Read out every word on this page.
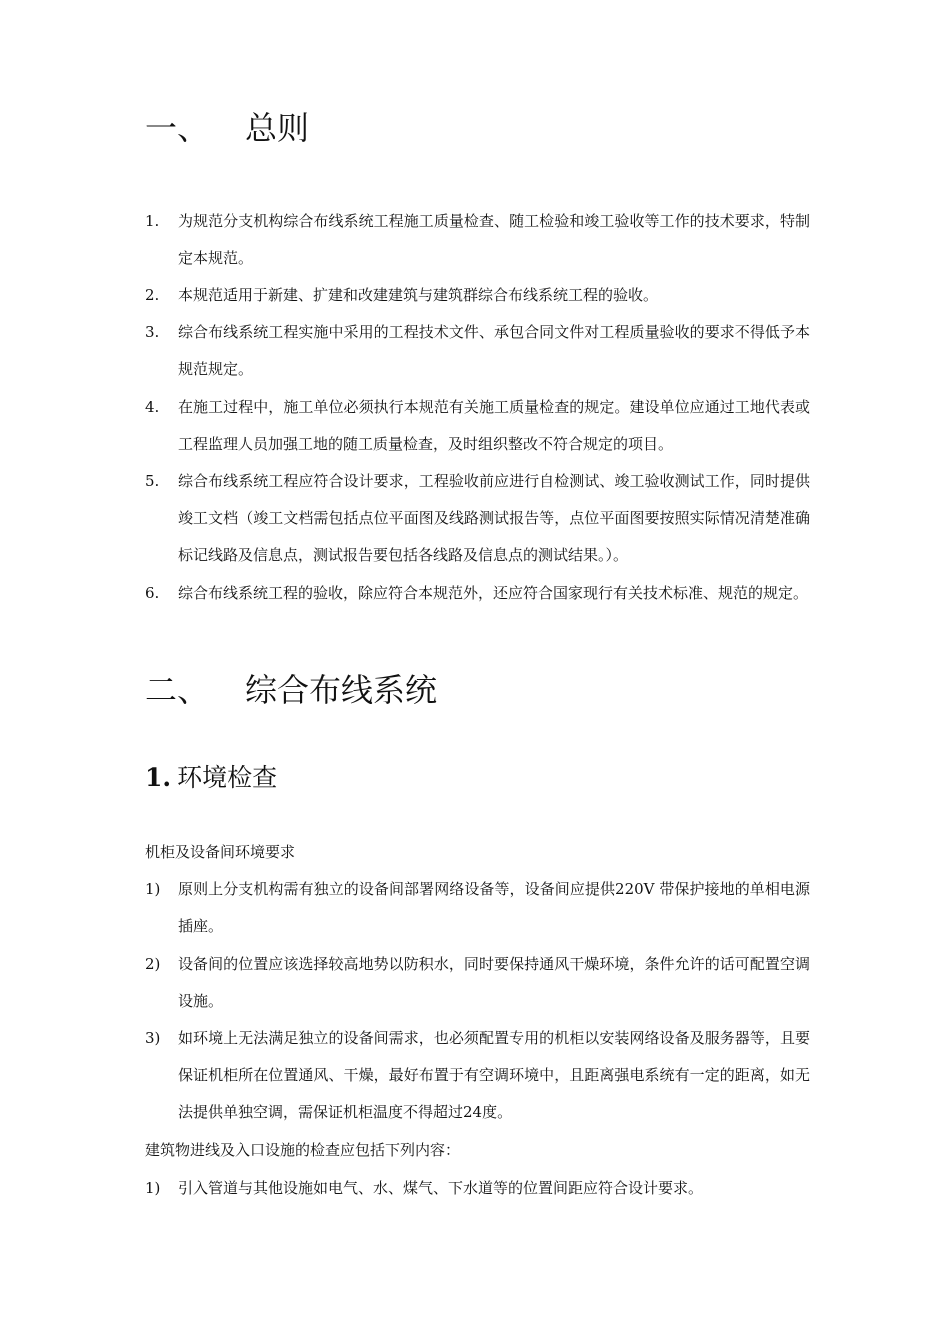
一、 总则
1.	为规范分支机构综合布线系统工程施工质量检查、随工检验和竣工验收等工作的技术要求，特制定本规范。
2.	本规范适用于新建、扩建和改建建筑与建筑群综合布线系统工程的验收。
3.	综合布线系统工程实施中采用的工程技术文件、承包合同文件对工程质量验收的要求不得低予本规范规定。
4.	在施工过程中，施工单位必须执行本规范有关施工质量检查的规定。建设单位应通过工地代表或工程监理人员加强工地的随工质量检查，及时组织整改不符合规定的项目。
5.	综合布线系统工程应符合设计要求，工程验收前应进行自检测试、竣工验收测试工作，同时提供竣工文档（竣工文档需包括点位平面图及线路测试报告等，点位平面图要按照实际情况清楚准确标记线路及信息点，测试报告要包括各线路及信息点的测试结果。）。
6.	综合布线系统工程的验收，除应符合本规范外，还应符合国家现行有关技术标准、规范的规定。
二、 综合布线系统
1. 环境检查
机柜及设备间环境要求
1)	原则上分支机构需有独立的设备间部署网络设备等，设备间应提供220V 带保护接地的单相电源插座。
2)	设备间的位置应该选择较高地势以防积水，同时要保持通风干燥环境，条件允许的话可配置空调设施。
3)	如环境上无法满足独立的设备间需求，也必须配置专用的机柜以安装网络设备及服务器等，且要保证机柜所在位置通风、干燥，最好布置于有空调环境中，且距离强电系统有一定的距离，如无法提供单独空调，需保证机柜温度不得超过24度。
建筑物进线及入口设施的检查应包括下列内容：
1)	引入管道与其他设施如电气、水、煤气、下水道等的位置间距应符合设计要求。
